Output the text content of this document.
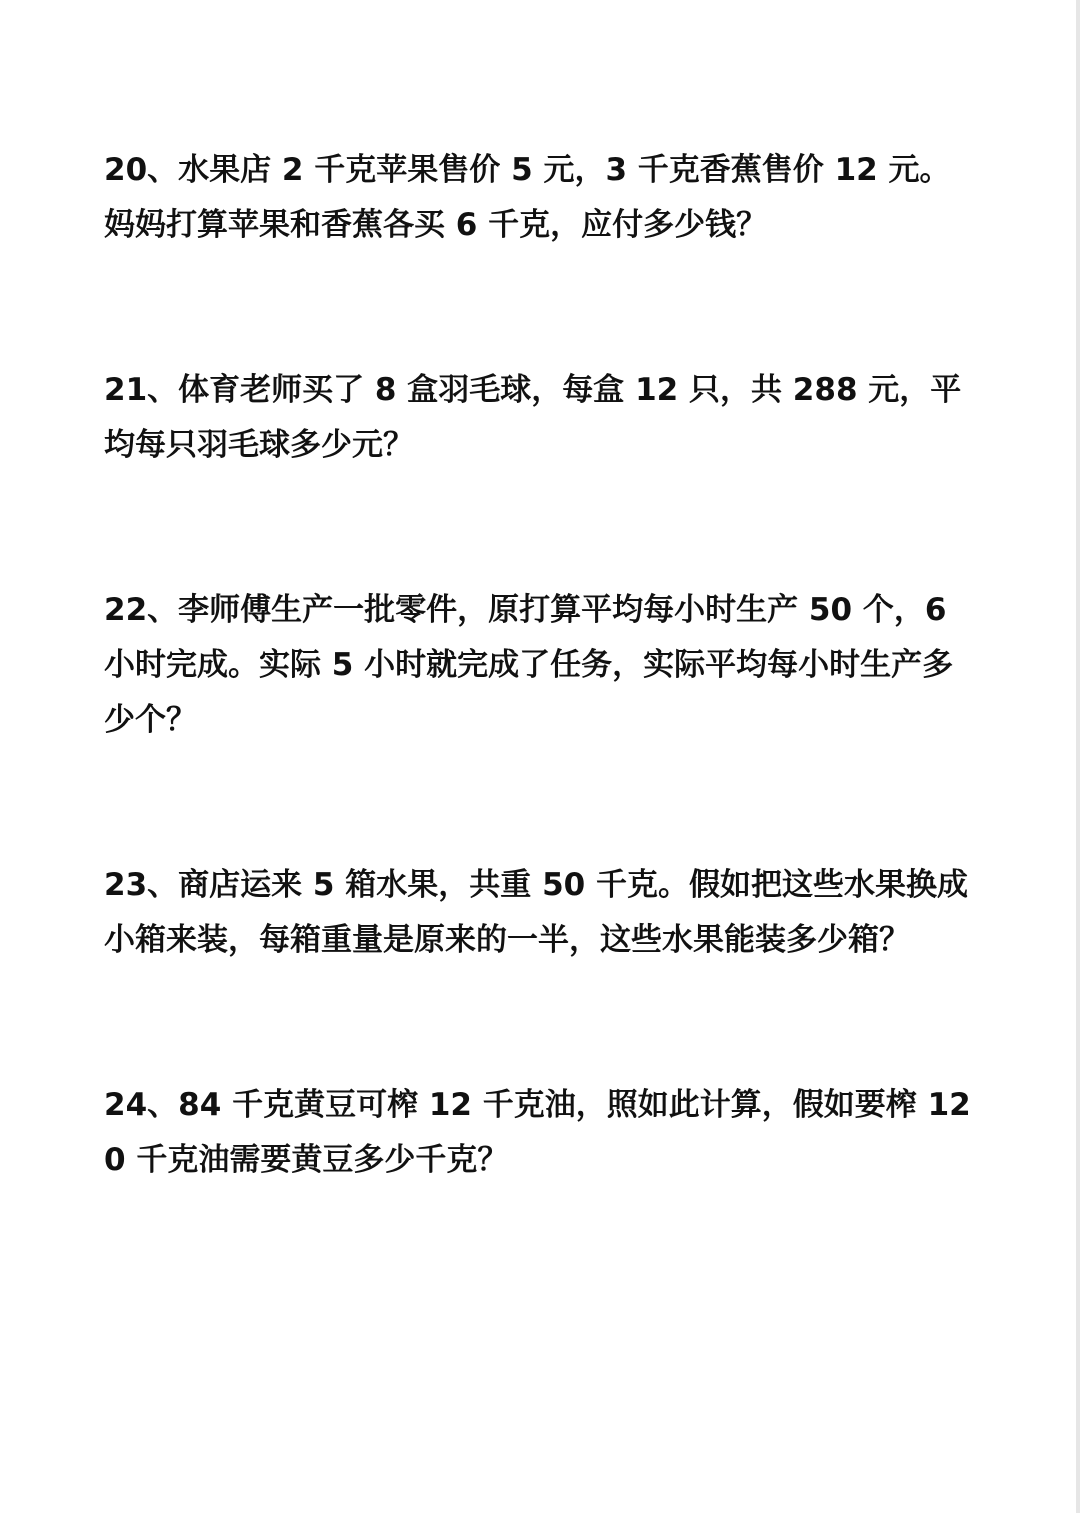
20、水果店 2 千克苹果售价 5 元，3 千克香蕉售价 12 元。妈妈打算苹果和香蕉各买 6 千克，应付多少钱？

21、体育老师买了 8 盒羽毛球，每盒 12 只，共 288 元，平均每只羽毛球多少元？

22、李师傅生产一批零件，原打算平均每小时生产 50 个，6 小时完成。实际 5 小时就完成了任务，实际平均每小时生产多少个？

23、商店运来 5 箱水果，共重 50 千克。假如把这些水果换成小箱来装，每箱重量是原来的一半，这些水果能装多少箱？

24、84 千克黄豆可榨 12 千克油，照如此计算，假如要榨 120 千克油需要黄豆多少千克？
